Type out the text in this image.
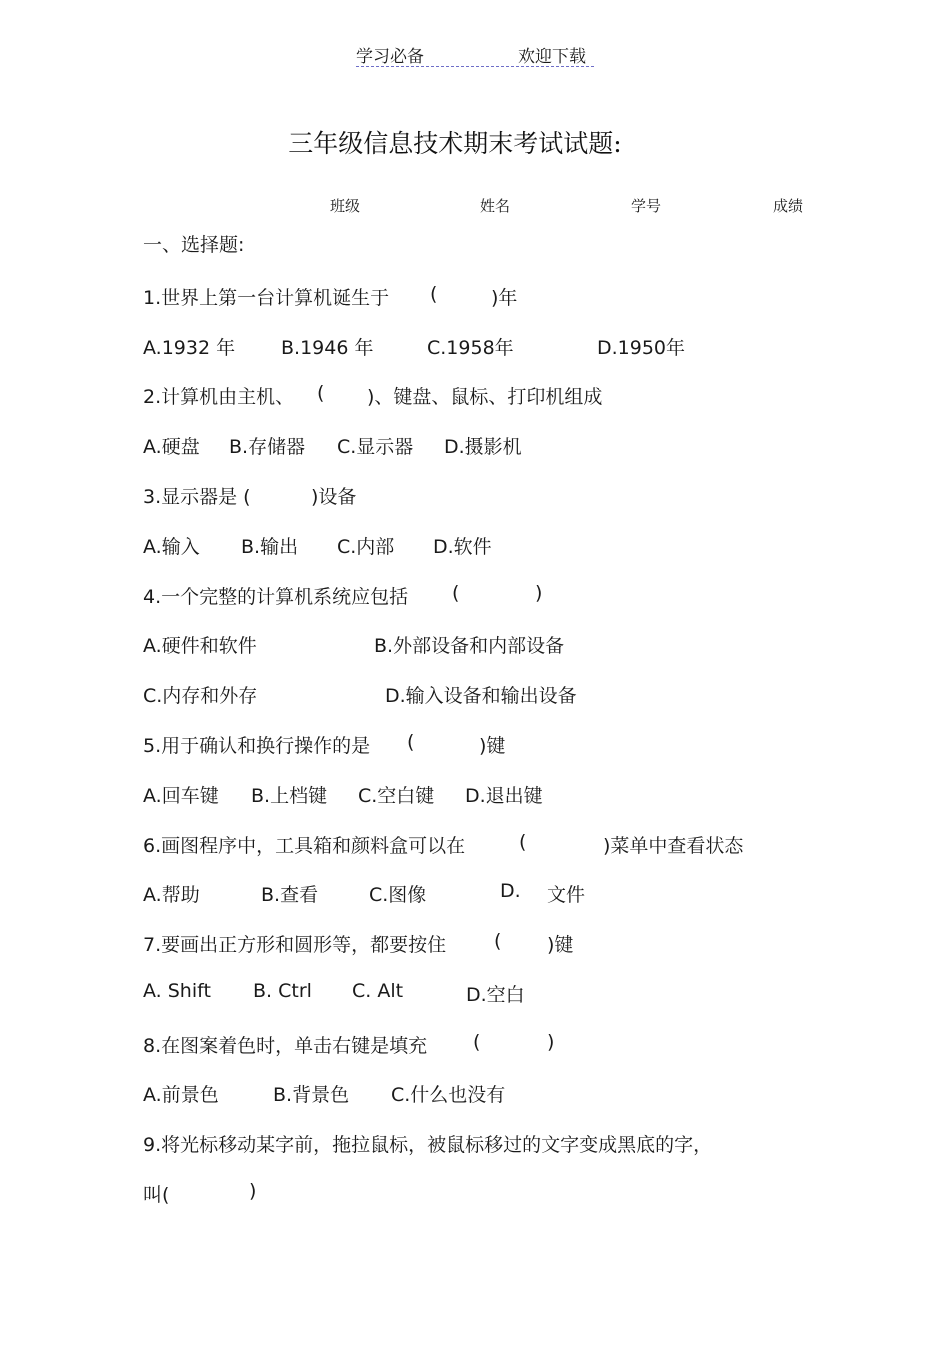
学习必备	欢迎下载
三年级信息技术期末考试试题:
班级	姓名	学号	成绩
一、选择题:
1.世界上第一台计算机诞生于 (	)年
A.1932 年 B.1946 年	C.1958年	D.1950年
2.计算机由主机、 ( )、键盘、鼠标、打印机组成
A.硬盘 B.存储器 C.显示器 D.摄影机
3.显示器是 (	)设备
A.输入 B.输出 C.内部 D.软件
4.一个完整的计算机系统应包括 (	)
A.硬件和软件	B.外部设备和内部设备
C.内存和外存	D.输入设备和输出设备
5.用于确认和换行操作的是 (	)键
A.回车键 B.上档键 C.空白键 D.退出键
6.画图程序中，工具箱和颜料盒可以在	(	)菜单中查看状态
A.帮助	B.查看	C.图像	D. 文件
7.要画出正方形和圆形等，都要按住	( )键
A. Shift B. Ctrl C. Alt	D.空白
8.在图案着色时，单击右键是填充 (	)
A.前景色	B.背景色 C.什么也没有
9.将光标移动某字前，拖拉鼠标，被鼠标移过的文字变成黑底的字，
叫(	)
